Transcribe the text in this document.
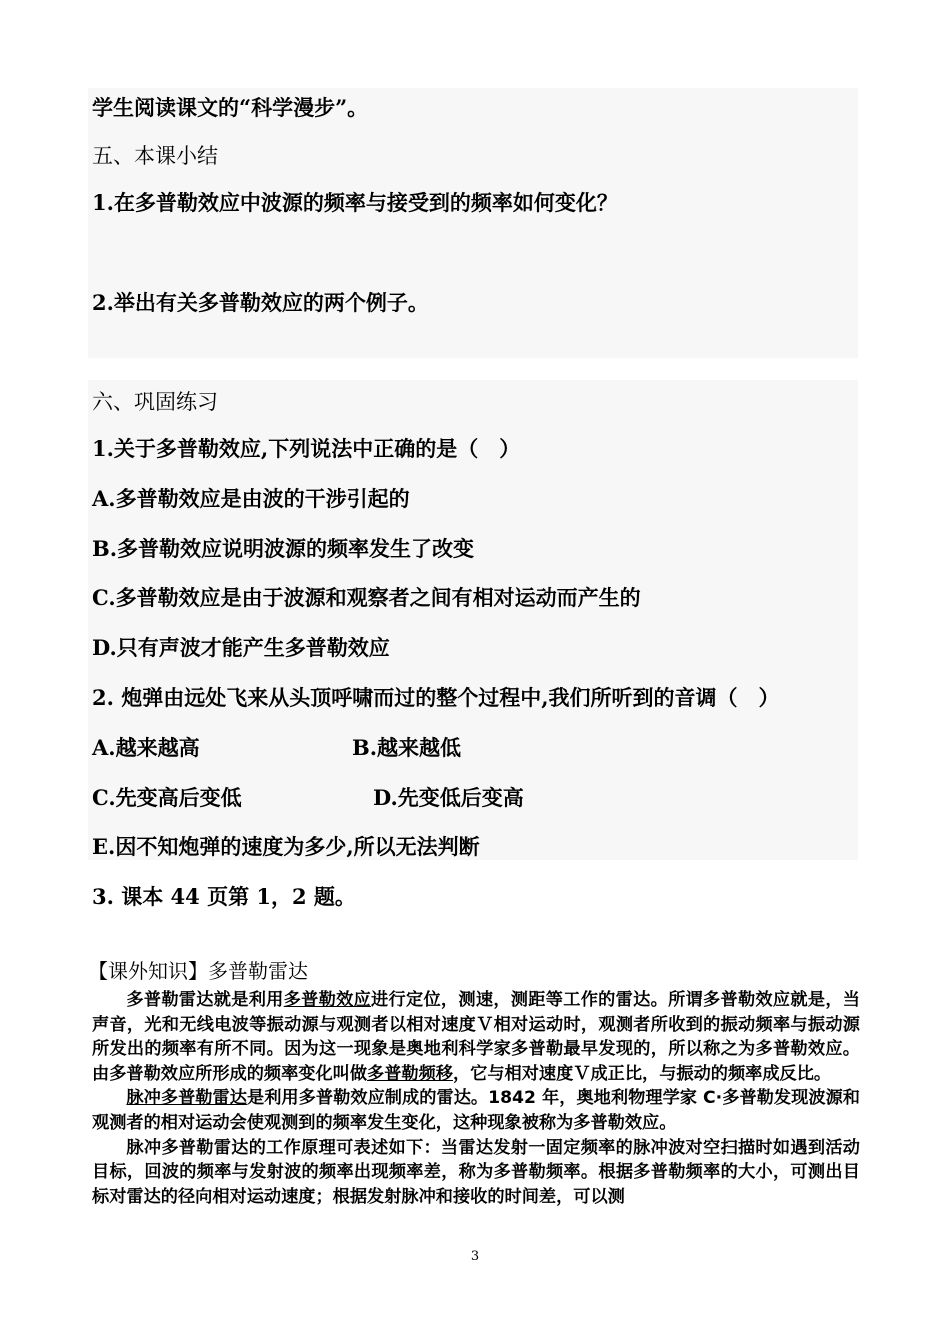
学生阅读课文的“科学漫步”。
五、本课小结
1.在多普勒效应中波源的频率与接受到的频率如何变化？
2.举出有关多普勒效应的两个例子。
六、巩固练习
1.关于多普勒效应,下列说法中正确的是（　）
A.多普勒效应是由波的干涉引起的
B.多普勒效应说明波源的频率发生了改变
C.多普勒效应是由于波源和观察者之间有相对运动而产生的
D.只有声波才能产生多普勒效应
2. 炮弹由远处飞来从头顶呼啸而过的整个过程中,我们所听到的音调（　）
A.越来越高	B.越来越低
C.先变高后变低	D.先变低后变高
E.因不知炮弹的速度为多少,所以无法判断
3. 课本 44 页第 1，2 题。
【课外知识】多普勒雷达

多普勒雷达就是利用多普勒效应进行定位，测速，测距等工作的雷达。所谓多普勒效应就是，当声音，光和无线电波等振动源与观测者以相对速度Ｖ相对运动时，观测者所收到的振动频率与振动源所发出的频率有所不同。因为这一现象是奥地利科学家多普勒最早发现的，所以称之为多普勒效应。由多普勒效应所形成的频率变化叫做多普勒频移，它与相对速度Ｖ成正比，与振动的频率成反比。

脉冲多普勒雷达是利用多普勒效应制成的雷达。1842 年，奥地利物理学家 C·多普勒发现波源和观测者的相对运动会使观测到的频率发生变化，这种现象被称为多普勒效应。

脉冲多普勒雷达的工作原理可表述如下：当雷达发射一固定频率的脉冲波对空扫描时如遇到活动目标，回波的频率与发射波的频率出现频率差，称为多普勒频率。根据多普勒频率的大小，可测出目标对雷达的径向相对运动速度；根据发射脉冲和接收的时间差，可以测

3
